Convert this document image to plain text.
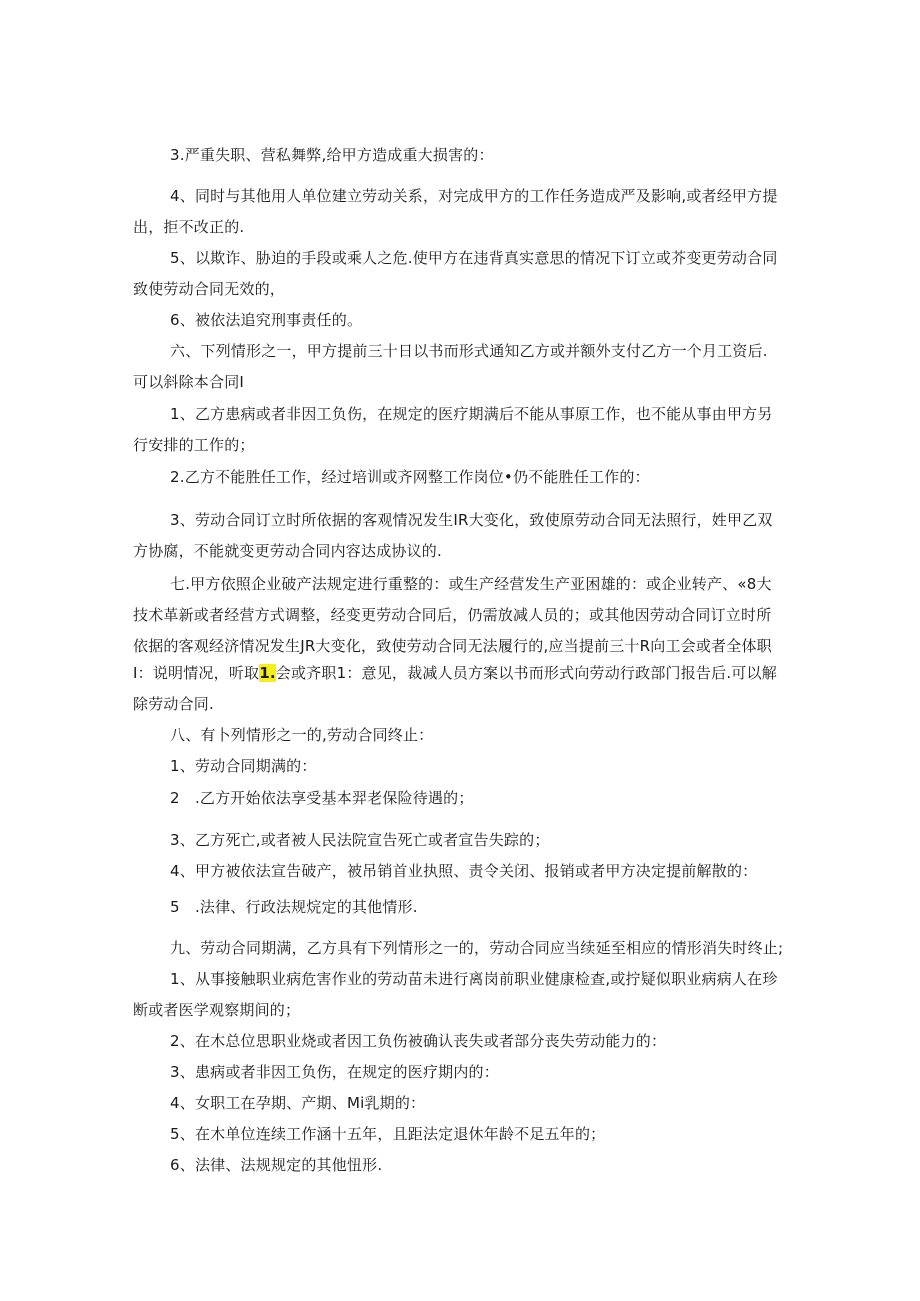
3.严重失职、营私舞弊,给甲方造成重大损害的：
4、同时与其他用人单位建立劳动关系，对完成甲方的工作任务造成严及影响,或者经甲方提
出，拒不改正的.
5、以欺诈、胁迫的手段或乘人之危.使甲方在违背真实意思的情况下订立或芥变更劳动合同
致使劳动合同无效的，
6、被依法追究刑事责任的。
六、下列情形之一，甲方提前三十日以书而形式通知乙方或并额外支付乙方一个月工资后.
可以斜除本合同I
1、乙方患病或者非因工负伤，在规定的医疗期满后不能从事原工作，也不能从事由甲方另
行安排的工作的；
2.乙方不能胜任工作，经过培训或齐网整工作岗位•仍不能胜任工作的：
3、劳动合同订立时所依据的客观情况发生IR大变化，致使原劳动合同无法照行，姓甲乙双
方协腐，不能就变更劳动合同内容达成协议的.
七.甲方依照企业破产法规定进行重整的：或生产经营发生产亚困雄的：或企业转产、«8大
技术革新或者经营方式调整，经变更劳动合同后，仍需放减人员的；或其他因劳动合同订立时所
依据的客观经济情况发生JR大变化，致使劳动合同无法履行的,应当提前三十R向工会或者全体职
I：说明情况，听取1.会或齐职1：意见，裁减人员方案以书而形式向劳动行政部门报告后.可以解
除劳动合同.
八、有卜列情形之一的,劳动合同终止：
1、劳动合同期满的：
2　.乙方开始依法享受基本羿老保险待遇的；
3、乙方死亡,或者被人民法院宣告死亡或者宣告失踪的；
4、甲方被依法宣告破产，被吊销首业执照、责令关闭、报销或者甲方决定提前解散的：
5　.法律、行政法规烷定的其他情形.
九、劳动合同期满，乙方具有下列情形之一的，劳动合同应当续延至相应的情形消失时终止;
1、从事接触职业病危害作业的劳动苗未进行离岗前职业健康检查,或拧疑似职业病病人在珍
断或者医学观察期间的；
2、在木总位思职业烧或者因工负伤被确认丧失或者部分丧失劳动能力的：
3、患病或者非因工负伤，在规定的医疗期内的：
4、女职工在孕期、产期、Mi乳期的：
5、在木单位连续工作涵十五年，且距法定退休年龄不足五年的；
6、法律、法规规定的其他忸形.
